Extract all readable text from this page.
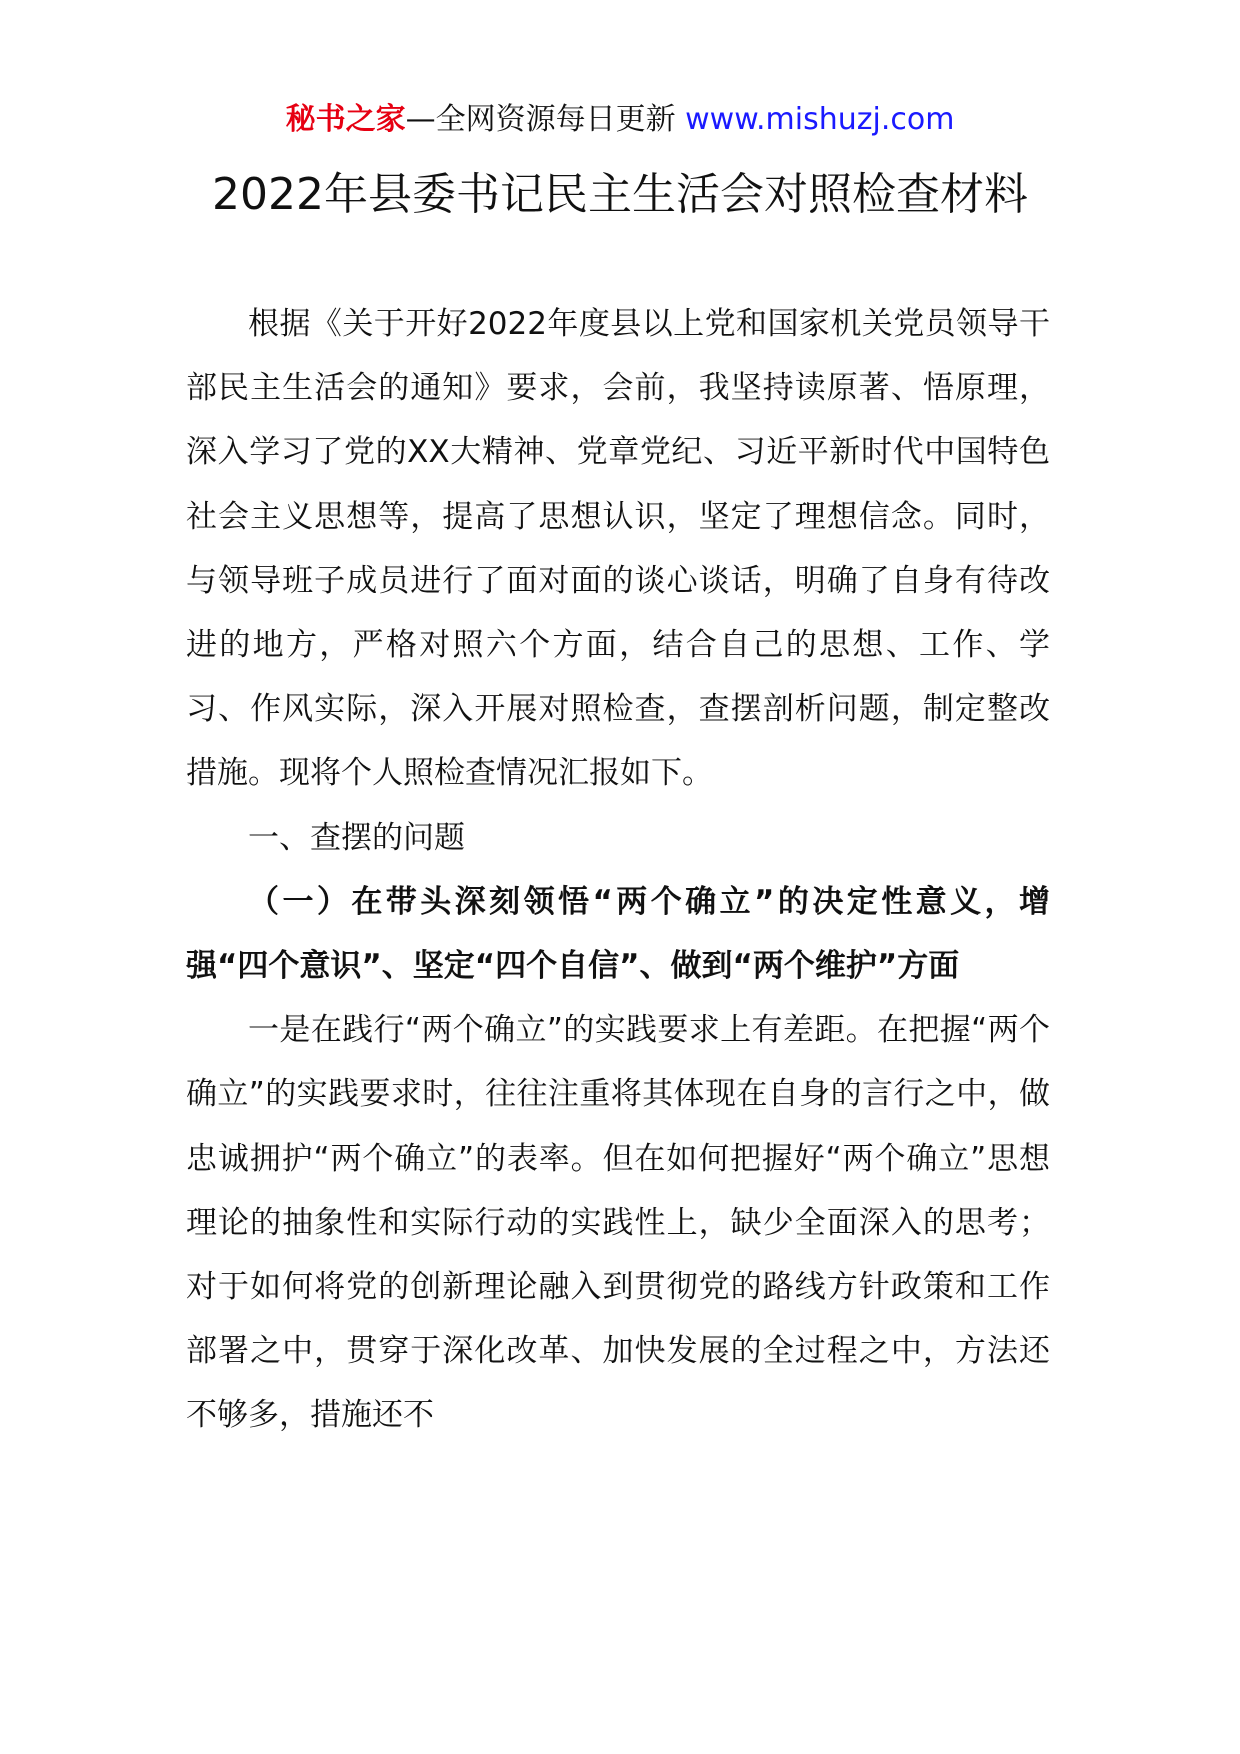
秘书之家—全网资源每日更新 www.mishuzj.com
2022年县委书记民主生活会对照检查材料

根据《关于开好2022年度县以上党和国家机关党员领导干部民主生活会的通知》要求，会前，我坚持读原著、悟原理，深入学习了党的XX大精神、党章党纪、习近平新时代中国特色社会主义思想等，提高了思想认识，坚定了理想信念。同时，与领导班子成员进行了面对面的谈心谈话，明确了自身有待改进的地方，严格对照六个方面，结合自己的思想、工作、学习、作风实际，深入开展对照检查，查摆剖析问题，制定整改措施。现将个人照检查情况汇报如下。

一、查摆的问题

（一）在带头深刻领悟“两个确立”的决定性意义，增强“四个意识”、坚定“四个自信”、做到“两个维护”方面

一是在践行“两个确立”的实践要求上有差距。在把握“两个确立”的实践要求时，往往注重将其体现在自身的言行之中，做忠诚拥护“两个确立”的表率。但在如何把握好“两个确立”思想理论的抽象性和实际行动的实践性上，缺少全面深入的思考；对于如何将党的创新理论融入到贯彻党的路线方针政策和工作部署之中，贯穿于深化改革、加快发展的全过程之中，方法还不够多，措施还不
